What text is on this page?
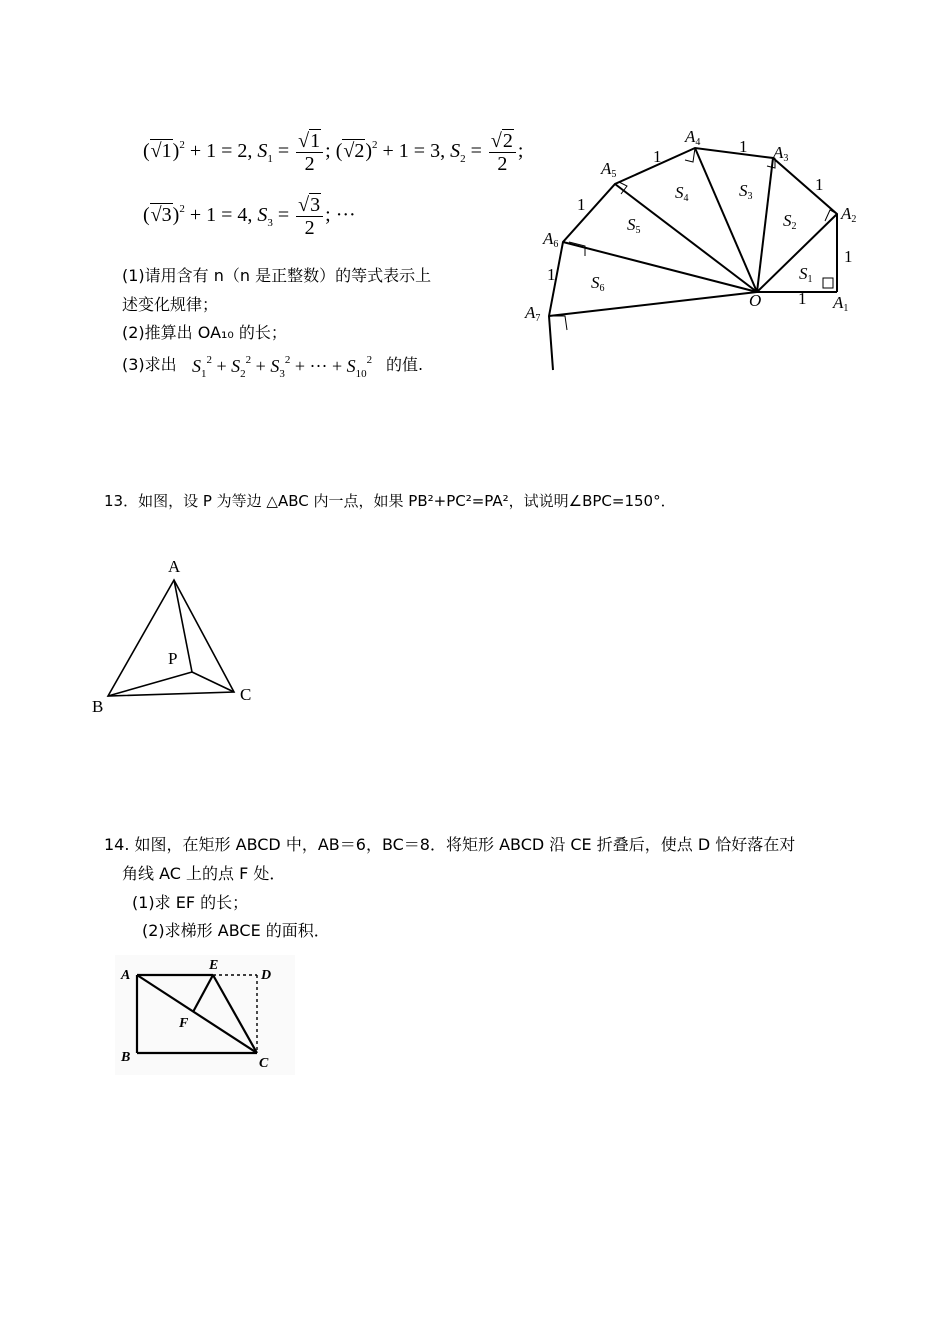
$(√1)^2 + 1 = 2$, $S_1 = \frac{√1}{2}$ ; $(√2)^2 + 1 = 3$, $S_2 = \frac{√2}{2}$ ;
$(√3)^2 + 1 = 4$, $S_3 = \frac{√3}{2}$ ; ···
(1)请用含有 n（n 是正整数）的等式表示上
述变化规律；
(2)推算出 OA₁₀ 的长；
(3)求出 $S_1^2 + S_2^2 + S_3^2$ + ··· + $S_{10}^2$ 的值.
O	A1
A2
A3
A4
A5
A6
A7
S1
S2
S3
S4
S5
S6
1
1
1
1
1
1
1
13．如图，设 P 为等边 △ABC 内一点，如果 PB²+PC²=PA²，试说明∠BPC=150°．
A
B
C
P
14. 如图，在矩形 ABCD 中，AB＝6，BC＝8．将矩形 ABCD 沿 CE 折叠后，使点 D 恰好落在对
角线 AC 上的点 F 处．
(1)求 EF 的长；
(2)求梯形 ABCE 的面积．
A
B	C
D
E
F
